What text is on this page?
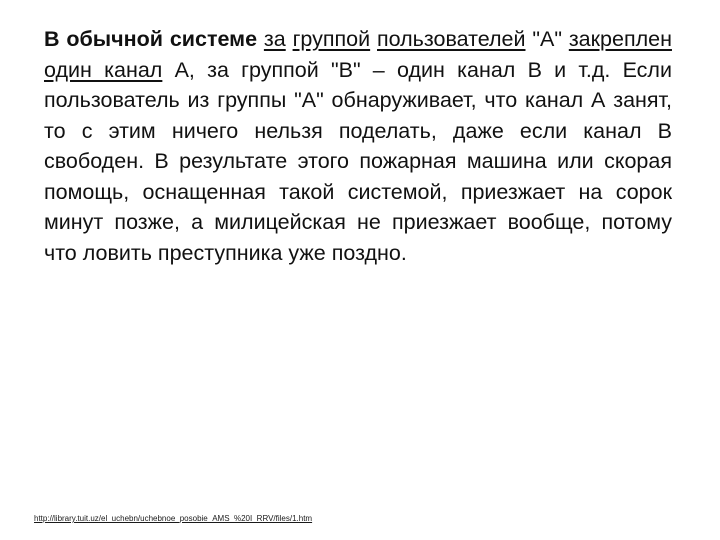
В обычной системе за группой пользователей "А" закреплен один канал А, за группой "В" – один канал В и т.д. Если пользователь из группы "А" обнаруживает, что канал А занят, то с этим ничего нельзя поделать, даже если канал В свободен. В результате этого пожарная машина или скорая помощь, оснащенная такой системой, приезжает на сорок минут позже, а милицейская не приезжает вообще, потому что ловить преступника уже поздно.

http://library.tuit.uz/el_uchebn/uchebnoe_posobie_AMS_%20I_RRV/files/1.htm
